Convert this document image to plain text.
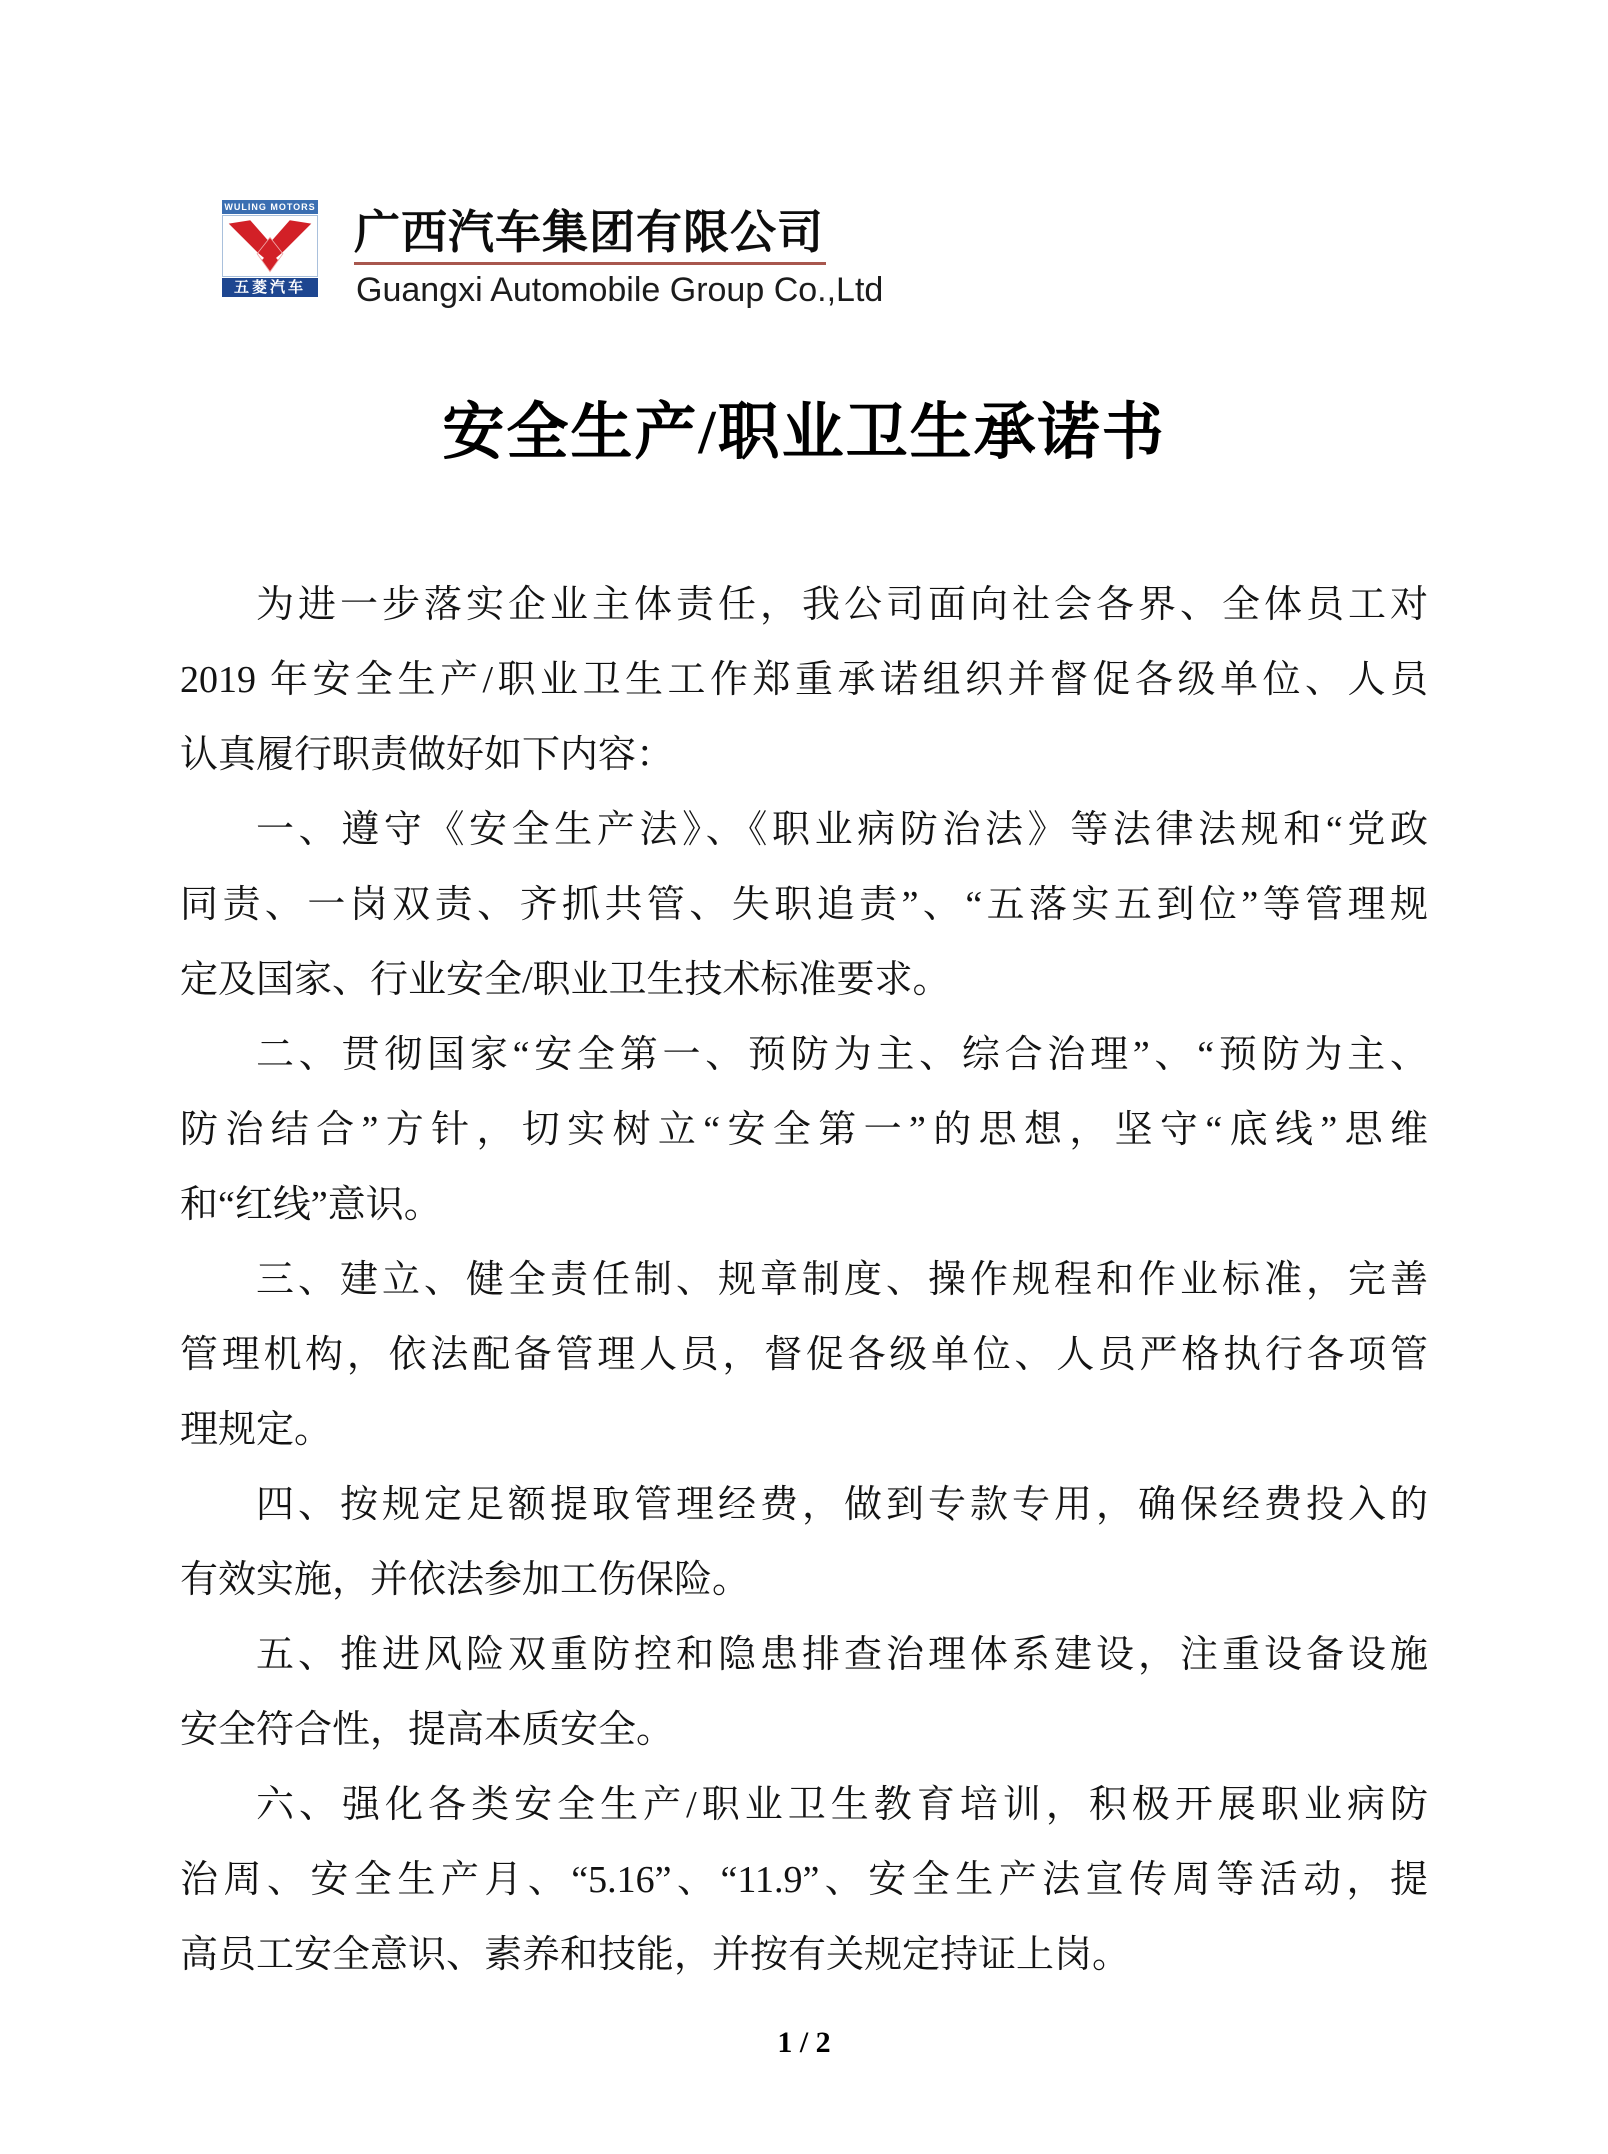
WULING MOTORS
五菱汽车
广西汽车集团有限公司
Guangxi Automobile Group Co.,Ltd
安全生产/职业卫生承诺书
为进一步落实企业主体责任，我公司面向社会各界、全体员工对
2019 年安全生产/职业卫生工作郑重承诺组织并督促各级单位、人员
认真履行职责做好如下内容：
一、遵守《安全生产法》、《职业病防治法》等法律法规和“党政
同责、一岗双责、齐抓共管、失职追责”、“五落实五到位”等管理规
定及国家、行业安全/职业卫生技术标准要求。
二、贯彻国家“安全第一、预防为主、综合治理”、“预防为主、
防治结合”方针，切实树立“安全第一”的思想，坚守“底线”思维
和“红线”意识。
三、建立、健全责任制、规章制度、操作规程和作业标准，完善
管理机构，依法配备管理人员，督促各级单位、人员严格执行各项管
理规定。
四、按规定足额提取管理经费，做到专款专用，确保经费投入的
有效实施，并依法参加工伤保险。
五、推进风险双重防控和隐患排查治理体系建设，注重设备设施
安全符合性，提高本质安全。
六、强化各类安全生产/职业卫生教育培训，积极开展职业病防
治周、安全生产月、“5.16”、“11.9”、安全生产法宣传周等活动，提
高员工安全意识、素养和技能，并按有关规定持证上岗。
1 / 2
